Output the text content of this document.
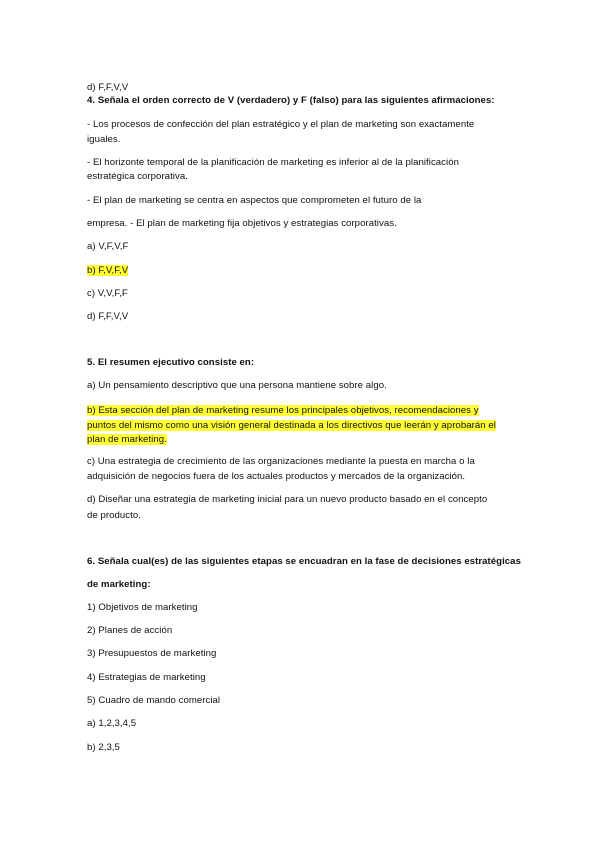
d) F,F,V,V
4. Señala el orden correcto de V (verdadero) y F (falso) para las siguientes afirmaciones:
- Los procesos de confección del plan estratégico y el plan de marketing son exactamente
iguales.
- El horizonte temporal de la planificación de marketing es inferior al de la planificación
estratégica corporativa.
- El plan de marketing se centra en aspectos que comprometen el futuro de la
empresa. - El plan de marketing fija objetivos y estrategias corporativas.
a) V,F,V,F
b) F,V,F,V
c) V,V,F,F
d) F,F,V,V
5. El resumen ejecutivo consiste en:
a) Un pensamiento descriptivo que una persona mantiene sobre algo.
b) Esta sección del plan de marketing resume los principales objetivos, recomendaciones y
puntos del mismo como una visión general destinada a los directivos que leerán y aprobarán el
plan de marketing.
c) Una estrategia de crecimiento de las organizaciones mediante la puesta en marcha o la
adquisición de negocios fuera de los actuales productos y mercados de la organización.
d) Diseñar una estrategia de marketing inicial para un nuevo producto basado en el concepto
de producto.
6. Señala cual(es) de las siguientes etapas se encuadran en la fase de decisiones estratégicas
de marketing:
1) Objetivos de marketing
2) Planes de acción
3) Presupuestos de marketing
4) Estrategias de marketing
5) Cuadro de mando comercial
a) 1,2,3,4,5
b) 2,3,5
